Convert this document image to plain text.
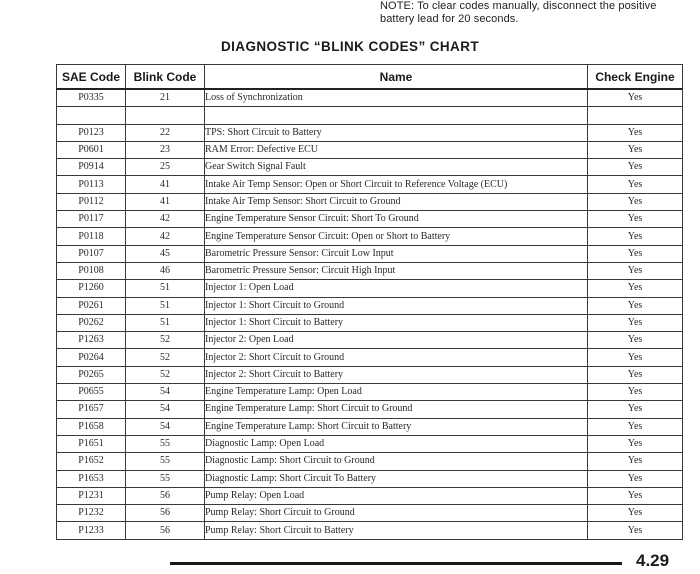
NOTE: To clear codes manually, disconnect the positive battery lead for 20 seconds.
DIAGNOSTIC “BLINK CODES” CHART
SAE Code	Blink Code	Name	Check Engine
P0335	21	Loss of Synchronization	Yes

P0123	22	TPS: Short Circuit to Battery	Yes
P0601	23	RAM Error: Defective ECU	Yes
P0914	25	Gear Switch Signal Fault	Yes
P0113	41	Intake Air Temp Sensor: Open or Short Circuit to Reference Voltage (ECU)	Yes
P0112	41	Intake Air Temp Sensor: Short Circuit to Ground	Yes
P0117	42	Engine Temperature Sensor Circuit: Short To Ground	Yes
P0118	42	Engine Temperature Sensor Circuit: Open or Short to Battery	Yes
P0107	45	Barometric Pressure Sensor: Circuit Low Input	Yes
P0108	46	Barometric Pressure Sensor: Circuit High Input	Yes
P1260	51	Injector 1: Open Load	Yes
P0261	51	Injector 1: Short Circuit to Ground	Yes
P0262	51	Injector 1: Short Circuit to Battery	Yes
P1263	52	Injector 2: Open Load	Yes
P0264	52	Injector 2: Short Circuit to Ground	Yes
P0265	52	Injector 2: Short Circuit to Battery	Yes
P0655	54	Engine Temperature Lamp: Open Load	Yes
P1657	54	Engine Temperature Lamp: Short Circuit to Ground	Yes
P1658	54	Engine Temperature Lamp: Short Circuit to Battery	Yes
P1651	55	Diagnostic Lamp: Open Load	Yes
P1652	55	Diagnostic Lamp: Short Circuit to Ground	Yes
P1653	55	Diagnostic Lamp: Short Circuit To Battery	Yes
P1231	56	Pump Relay: Open Load	Yes
P1232	56	Pump Relay: Short Circuit to Ground	Yes
P1233	56	Pump Relay: Short Circuit to Battery	Yes
4.29
